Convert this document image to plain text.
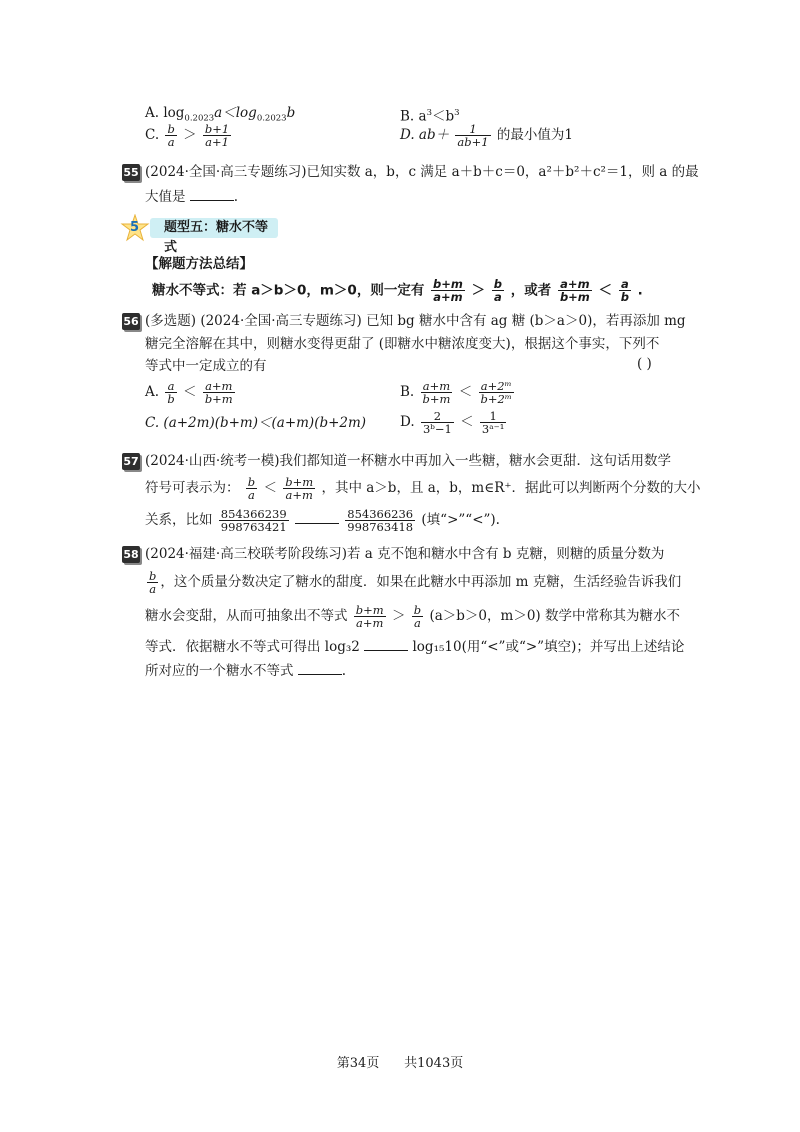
A. $\log_{0.2023}a<\log_{0.2023}b$	B. $a^3<b^3$
C. $\frac{b}{a} > \frac{b+1}{a+1}$	D. $ab+ \frac{1}{ab+1}$ 的最小值为1
55 (2024·全国·高三专题练习)已知实数 a，b，c 满足 a＋b＋c＝0，a²＋b²＋c²＝1，则 a 的最
大值是	.
5	题型五：糖水不等式
【解题方法总结】
糖水不等式：若 a＞b＞0，m＞0，则一定有 $\frac{b+m}{a+m} > \frac{b}{a}$ ，或者 $\frac{a+m}{b+m} < \frac{a}{b}$ .
56 (多选题) (2024·全国·高三专题练习) 已知 bg 糖水中含有 ag 糖 (b＞a＞0)，若再添加 mg
糖完全溶解在其中，则糖水变得更甜了 (即糖水中糖浓度变大)，根据这个事实，下列不
等式中一定成立的有	( )
A. $\frac{a}{b} < \frac{a+m}{b+m}$	B. $\frac{a+m}{b+m} < \frac{\text{a+2ᵐ}}{\text{b+2ᵐ}}$
C. (a+2m)(b+m)＜(a+m)(b+2m)	D. $\frac{2}{\text{3ᵇ−1}} < \frac{1}{\text{3ᵃ⁻¹}}$
57 (2024·山西·统考一模)我们都知道一杯糖水中再加入一些糖，糖水会更甜．这句话用数学
符号可表示为： $\frac{b}{a} < \frac{b+m}{a+m}$ ，其中 a＞b，且 a，b，m∈R⁺．据此可以判断两个分数的大小
关系，比如 $\frac{854366239}{998763421}$
	$\frac{854366236}{998763418}$ (填“>”“<”).
58 (2024·福建·高三校联考阶段练习)若 a 克不饱和糖水中含有 b 克糖，则糖的质量分数为
$\frac{b}{a}$ ，这个质量分数决定了糖水的甜度．如果在此糖水中再添加 m 克糖，生活经验告诉我们
糖水会变甜，从而可抽象出不等式 $\frac{b+m}{a+m} > \frac{b}{a} (a>b>0$，m＞0) 数学中常称其为糖水不
等式．依据糖水不等式可得出 log₃2	log₁₅10(用“<”或“>”填空)；并写出上述结论
所对应的一个糖水不等式	.
第34页 共1043页
